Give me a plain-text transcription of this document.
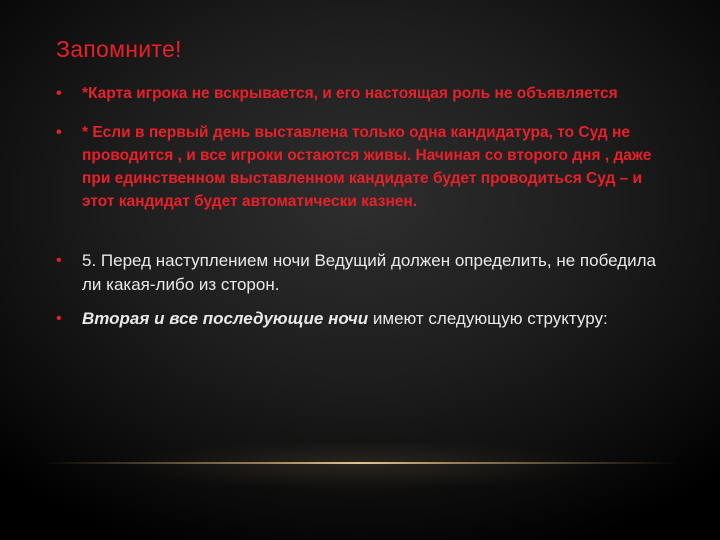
Запомните!
• *Карта игрока не вскрывается, и его настоящая роль не объявляется
• * Если в первый день выставлена только одна кандидатура, то Суд не проводится , и все игроки остаются живы. Начиная со второго дня , даже при единственном выставленном кандидате будет проводиться Суд – и этот кандидат будет автоматически казнен.
• 5. Перед наступлением ночи Ведущий должен определить, не победила ли какая-либо из сторон.
• Вторая и все последующие ночи имеют следующую структуру:
